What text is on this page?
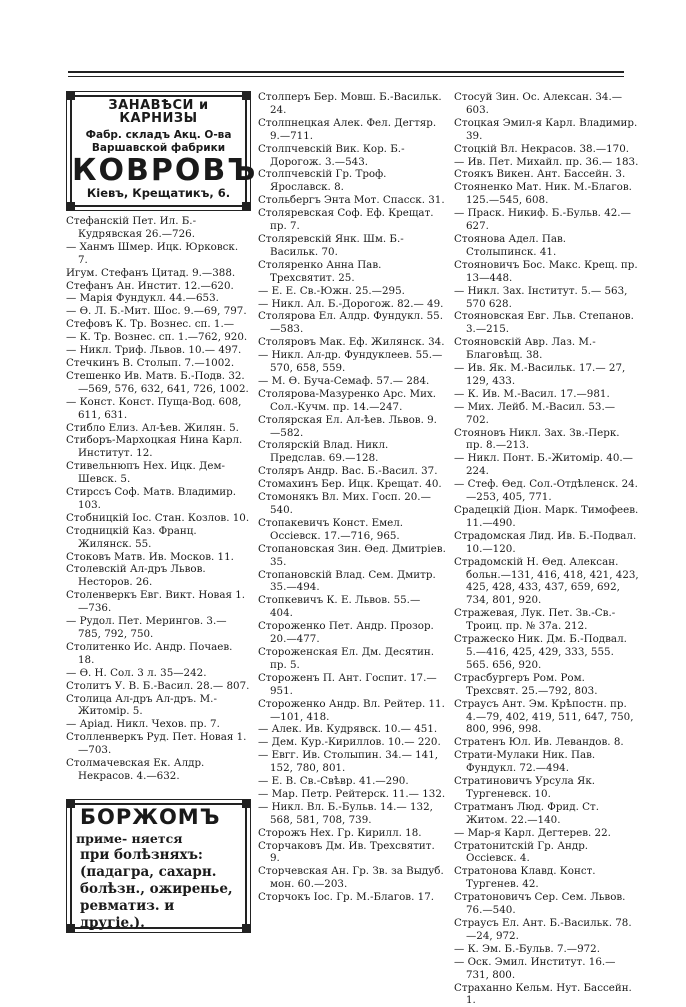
ЗАНАВѢСИ и КАРНИЗЫ
Фабр. складъ Акц. О-ва
Варшавской фабрики
КОВРОВЪ
Кіевъ, Крещатикъ, 6.

Стефанскій Пет. Ил. Б.-Кудрявская 26.—726.

— Ханмъ Шмер. Ицк. Юрковск. 7.

Игум. Стефанъ Цитад. 9.—388.

Стефанъ Ан. Инстит. 12.—620.

— Марія Фундукл. 44.—653.

— Ѳ. Л. Б.-Мит. Шос. 9.—69, 797.

Стефовъ К. Тр. Вознес. сп. 1.—

— К. Тр. Вознес. сп. 1.—762, 920.

— Никл. Триф. Львов. 10.— 497.

Стечкинъ В. Столып. 7.—1002.

Стешенко Ив. Матв. Б.-Подв. 32.—569, 576, 632, 641, 726, 1002.

— Конст. Конст. Пуща-Вод. 608, 611, 631.

Стибло Елиз. Ал-ѣев. Жилян. 5.

Стиборъ-Мархоцкая Нина Карл. Институт. 12.

Стивельнюпъ Нех. Ицк. Дем-Шевск. 5.

Стирссъ Соф. Матв. Владимир. 103.

Стобницкій Іос. Стан. Козлов. 10.

Стодницкій Каз. Франц. Жилянск. 55.

Стоковъ Матв. Ив. Москов. 11.

Столевскій Ал-дръ Львов. Несторов. 26.

Столенверкъ Евг. Викт. Новая 1.—736.

— Рудол. Пет. Мерингов. 3.— 785, 792, 750.

Столитенко Ис. Андр. Почаев. 18.

— Ѳ. Н. Сол. 3 л. 35—242.

Столитъ У. В. Б.-Васил. 28.— 807.

Столица Ал-дръ Ал-дръ. М.-Житомір. 5.

— Аріад. Никл. Чехов. пр. 7.

Столленверкъ Руд. Пет. Новая 1.—703.

Столмачевская Ек. Алдр. Некрасов. 4.—632.

БОРЖОМЪприме- няется
при болѣзняхъ: (падагра, сахарн. болѣзн., ожиренье, ревматиз. и другіе.).

Столперъ Бер. Мовш. Б.-Васильк. 24.

Столпнецкая Алек. Фел. Дегтяр. 9.—711.

Столпчевскій Вик. Кор. Б.-Дорогож. 3.—543.

Столпчевскій Гр. Троф. Ярославск. 8.

Стольбергъ Энта Мот. Спасск. 31.

Столяревская Соф. Еф. Крещат. пр. 7.

Столяревскій Янк. Шм. Б.-Васильк. 70.

Столяренко Анна Пав. Трехсвятит. 25.

— Е. Е. Св.-Южн. 25.—295.

— Никл. Ал. Б.-Дорогож. 82.— 49.

Столярова Ел. Алдр. Фундукл. 55.—583.

Столяровъ Мак. Еф. Жилянск. 34.

— Никл. Ал-др. Фундуклеев. 55.—570, 658, 559.

— М. Ѳ. Буча-Семаф. 57.— 284.

Столярова-Мазуренко Арс. Мих. Сол.-Кучм. пр. 14.—247.

Столярская Ел. Ал-ѣев. Львов. 9.—582.

Столярскій Влад. Никл. Предслав. 69.—128.

Столяръ Андр. Вас. Б.-Васил. 37.

Стомахинъ Бер. Ицк. Крещат. 40.

Стомонякъ Вл. Мих. Госп. 20.— 540.

Стопакевичъ Конст. Емел. Оссіевск. 17.—716, 965.

Стопановская Зин. Ѳед. Дмитріев. 35.

Стопановскій Влад. Сем. Дмитр. 35.—494.

Стопкевичъ К. Е. Львов. 55.— 404.

Стороженко Пет. Андр. Прозор. 20.—477.

Стороженская Ел. Дм. Десятин. пр. 5.

Стороженъ П. Ант. Госпит. 17.— 951.

Стороженко Андр. Вл. Рейтер. 11.—101, 418.

— Алек. Ив. Кудрявск. 10.— 451.

— Дем. Кур.-Кириллов. 10.— 220.

— Евгг. Ив. Столыпин. 34.— 141, 152, 780, 801.

— Е. В. Св.-Свѣвр. 41.—290.

— Мар. Петр. Рейтерск. 11.— 132.

— Никл. Вл. Б.-Бульв. 14.— 132, 568, 581, 708, 739.

Сторожъ Нех. Гр. Кирилл. 18.

Сторчаковъ Дм. Ив. Трехсвятит. 9.

Сторчевская Ан. Гр. Зв. за Выдуб. мон. 60.—203.

Сторчокъ Іос. Гр. М.-Благов. 17.

Стосуй Зин. Ос. Алексан. 34.— 603.

Стоцкая Эмил-я Карл. Владимир. 39.

Стоцкій Вл. Некрасов. 38.—170.

— Ив. Пет. Михайл. пр. 36.— 183.

Стоякъ Викен. Ант. Бассейн. 3.

Стояненко Мат. Ник. М.-Благов. 125.—545, 608.

— Праск. Никиф. Б.-Бульв. 42.—627.

Стоянова Адел. Пав. Столыпинск. 41.

Стояновичъ Бос. Макс. Крещ. пр. 13—448.

— Никл. Зах. Інститут. 5.— 563, 570 628.

Стояновская Евг. Льв. Степанов. 3.—215.

Стояновскій Авр. Лаз. М.-Благовѣщ. 38.

— Ив. Як. М.-Васильк. 17.— 27, 129, 433.

— К. Ив. М.-Васил. 17.—981.

— Мих. Лейб. М.-Васил. 53.— 702.

Стояновъ Никл. Зах. Зв.-Перк. пр. 8.—213.

— Никл. Понт. Б.-Житомір. 40.—224.

— Стеф. Ѳед. Сол.-Отдѣленск. 24.—253, 405, 771.

Срадецкій Діон. Марк. Тимофеев. 11.—490.

Страдомская Лид. Ив. Б.-Подвал. 10.—120.

Страдомскій Н. Ѳед. Алексан. больн.—131, 416, 418, 421, 423, 425, 428, 433, 437, 659, 692, 734, 801, 920.

Стражевая, Лук. Пет. Зв.-Св.-Троиц. пр. № 37а. 212.

Стражеско Ник. Дм. Б.-Подвал. 5.—416, 425, 429, 333, 555. 565. 656, 920.

Страсбургеръ Ром. Ром. Трехсвят. 25.—792, 803.

Страусъ Ант. Эм. Крѣпостн. пр. 4.—79, 402, 419, 511, 647, 750, 800, 996, 998.

Стратенъ Юл. Ив. Левандов. 8.

Страти-Мулаки Ник. Пав. Фундукл. 72.—494.

Стратиновичъ Урсула Як. Тургеневск. 10.

Стратманъ Люд. Фрид. Ст. Житом. 22.—140.

— Мар-я Карл. Дегтерев. 22.

Стратонитскій Гр. Андр. Оссіевск. 4.

Стратонова Клавд. Конст. Тургенев. 42.

Стратоновичъ Сер. Сем. Львов. 76.—540.

Страусъ Ел. Ант. Б.-Васильк. 78.—24, 972.

— К. Эм. Б.-Бульв. 7.—972.

— Оск. Эмил. Институт. 16.— 731, 800.

Страханно Кельм. Нут. Бассейн. 1.
